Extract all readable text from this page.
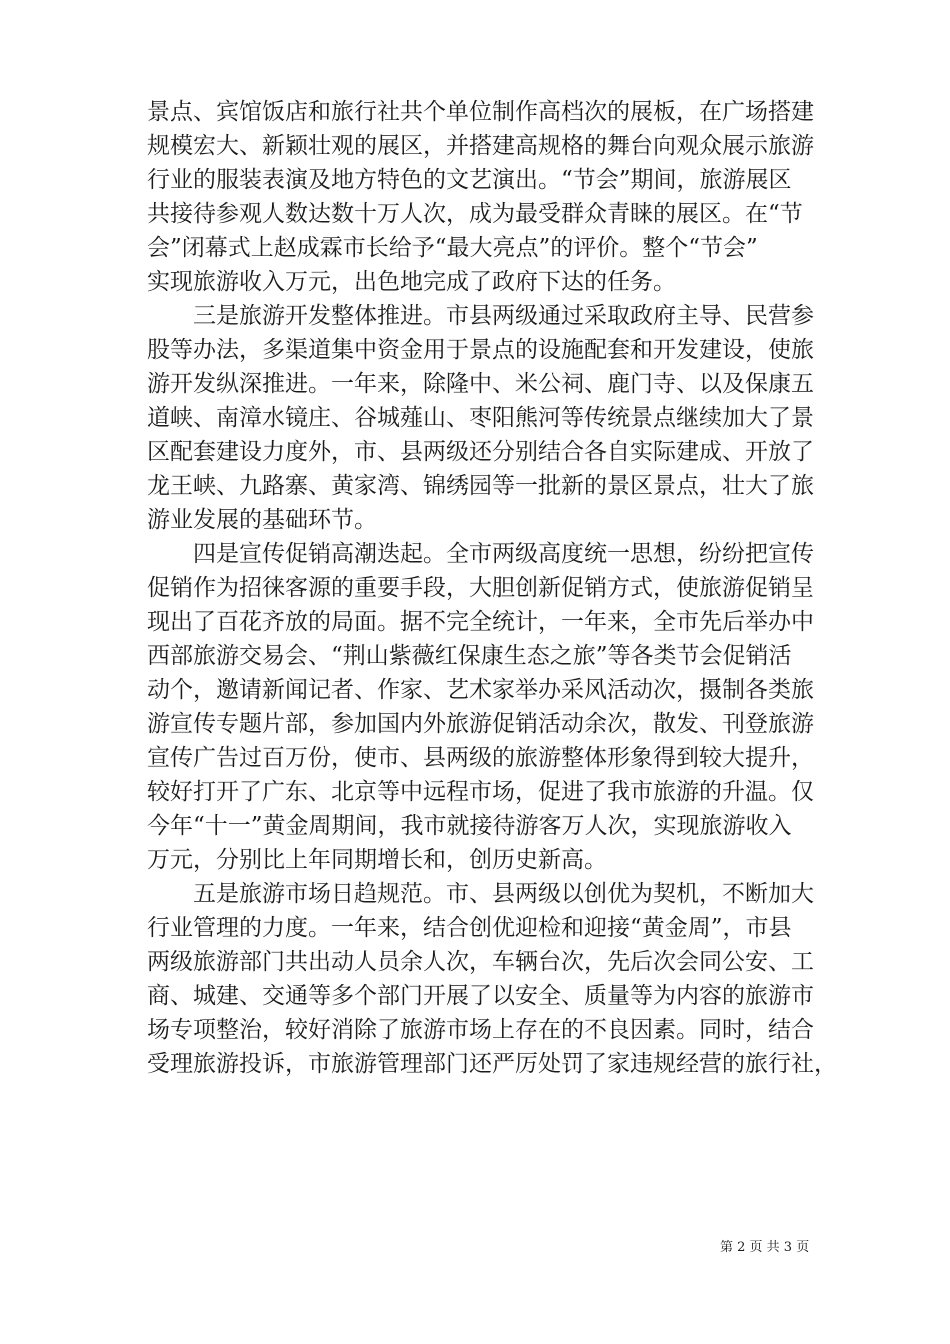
景点、宾馆饭店和旅行社共个单位制作高档次的展板，在广场搭建
规模宏大、新颖壮观的展区，并搭建高规格的舞台向观众展示旅游
行业的服装表演及地方特色的文艺演出。“节会”期间，旅游展区
共接待参观人数达数十万人次，成为最受群众青睐的展区。在“节
会”闭幕式上赵成霖市长给予“最大亮点”的评价。整个“节会”
实现旅游收入万元，出色地完成了政府下达的任务。

三是旅游开发整体推进。市县两级通过采取政府主导、民营参
股等办法，多渠道集中资金用于景点的设施配套和开发建设，使旅
游开发纵深推进。一年来，除隆中、米公祠、鹿门寺、以及保康五
道峡、南漳水镜庄、谷城薤山、枣阳熊河等传统景点继续加大了景
区配套建设力度外，市、县两级还分别结合各自实际建成、开放了
龙王峡、九路寨、黄家湾、锦绣园等一批新的景区景点，壮大了旅
游业发展的基础环节。

四是宣传促销高潮迭起。全市两级高度统一思想，纷纷把宣传
促销作为招徕客源的重要手段，大胆创新促销方式，使旅游促销呈
现出了百花齐放的局面。据不完全统计，一年来，全市先后举办中
西部旅游交易会、“荆山紫薇红保康生态之旅”等各类节会促销活
动个，邀请新闻记者、作家、艺术家举办采风活动次，摄制各类旅
游宣传专题片部，参加国内外旅游促销活动余次，散发、刊登旅游
宣传广告过百万份，使市、县两级的旅游整体形象得到较大提升，
较好打开了广东、北京等中远程市场，促进了我市旅游的升温。仅
今年“十一”黄金周期间，我市就接待游客万人次，实现旅游收入
万元，分别比上年同期增长和，创历史新高。

五是旅游市场日趋规范。市、县两级以创优为契机，不断加大
行业管理的力度。一年来，结合创优迎检和迎接“黄金周”，市县
两级旅游部门共出动人员余人次，车辆台次，先后次会同公安、工
商、城建、交通等多个部门开展了以安全、质量等为内容的旅游市
场专项整治，较好消除了旅游市场上存在的不良因素。同时，结合
受理旅游投诉，市旅游管理部门还严厉处罚了家违规经营的旅行社，

第 2 页 共 3 页
